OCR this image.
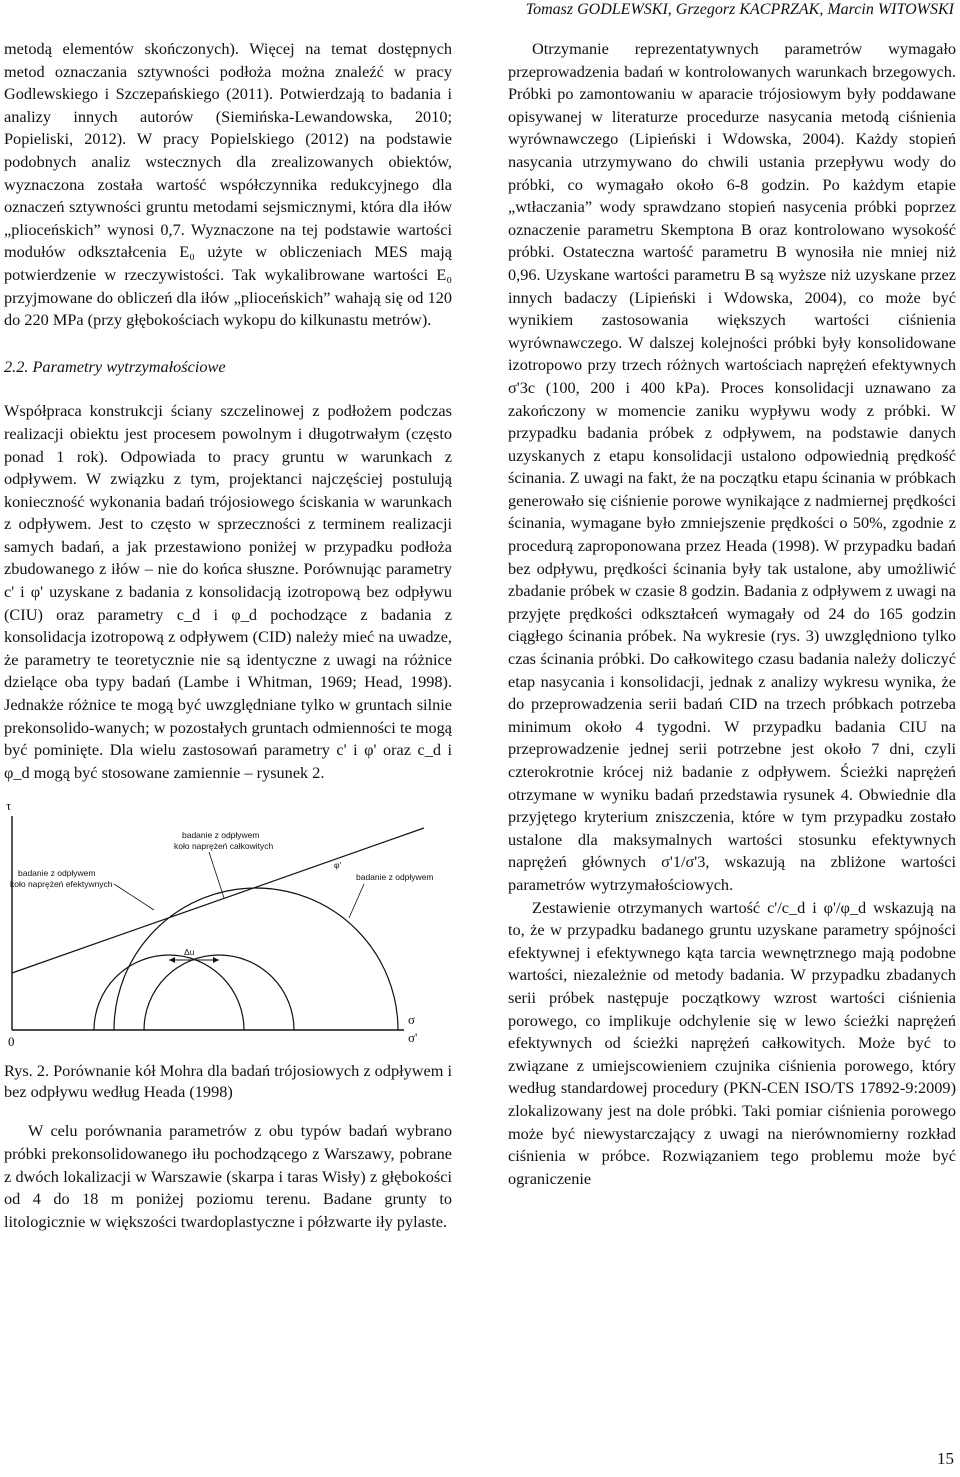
Tomasz GODLEWSKI, Grzegorz KACPRZAK, Marcin WITOWSKI

metodą elementów skończonych). Więcej na temat dostępnych metod oznaczania sztywności podłoża można znaleźć w pracy Godlewskiego i Szczepańskiego (2011). Potwierdzają to badania i analizy innych autorów (Siemińska-Lewandowska, 2010; Popieliski, 2012). W pracy Popielskiego (2012) na podstawie podobnych analiz wstecznych dla zrealizowanych obiektów, wyznaczona została wartość współczynnika redukcyjnego dla oznaczeń sztywności gruntu metodami sejsmicznymi, która dla iłów „plioceńskich” wynosi 0,7. Wyznaczone na tej podstawie wartości modułów odkształcenia E₀ użyte w obliczeniach MES mają potwierdzenie w rzeczywistości. Tak wykalibrowane wartości E₀ przyjmowane do obliczeń dla iłów „plioceńskich” wahają się od 120 do 220 MPa (przy głębokościach wykopu do kilkunastu metrów).

2.2. Parametry wytrzymałościowe

Współpraca konstrukcji ściany szczelinowej z podłożem podczas realizacji obiektu jest procesem powolnym i długotrwałym (często ponad 1 rok). Odpowiada to pracy gruntu w warunkach z odpływem. W związku z tym, projektanci najczęściej postulują konieczność wykonania badań trójosiowego ściskania w warunkach z odpływem. Jest to często w sprzeczności z terminem realizacji samych badań, a jak przestawiono poniżej w przypadku podłoża zbudowanego z iłów – nie do końca słuszne. Porównując parametry c' i φ' uzyskane z badania z konsolidacją izotropową bez odpływu (CIU) oraz parametry c_d i φ_d pochodzące z badania z konsolidacja izotropową z odpływem (CID) należy mieć na uwadze, że parametry te teoretycznie nie są identyczne z uwagi na różnice dzielące oba typy badań (Lambe i Whitman, 1969; Head, 1998). Jednakże różnice te mogą być uwzględniane tylko w gruntach silnie prekonsolido-wanych; w pozostałych gruntach odmienności te mogą być pominięte. Dla wielu zastosowań parametry c' i φ' oraz c_d i φ_d mogą być stosowane zamiennie – rysunek 2.

τ
0
σ
σ'
φ'
Δu
badanie z odpływem
koło naprężeń całkowitych
badanie z odpływem
koło naprężeń efektywnych
badanie z odpływem

Rys. 2. Porównanie kół Mohra dla badań trójosiowych z odpływem i bez odpływu według Heada (1998)

W celu porównania parametrów z obu typów badań wybrano próbki prekonsolidowanego iłu pochodzącego z Warszawy, pobrane z dwóch lokalizacji w Warszawie (skarpa i taras Wisły) z głębokości od 4 do 18 m poniżej poziomu terenu. Badane grunty to litologicznie w większości twardoplastyczne i półzwarte iły pylaste.

Otrzymanie reprezentatywnych parametrów wymagało przeprowadzenia badań w kontrolowanych warunkach brzegowych. Próbki po zamontowaniu w aparacie trójosiowym były poddawane opisywanej w literaturze procedurze nasycania metodą ciśnienia wyrównawczego (Lipieński i Wdowska, 2004). Każdy stopień nasycania utrzymywano do chwili ustania przepływu wody do próbki, co wymagało około 6-8 godzin. Po każdym etapie „wtłaczania” wody sprawdzano stopień nasycenia próbki poprzez oznaczenie parametru Skemptona B oraz kontrolowano wysokość próbki. Ostateczna wartość parametru B wynosiła nie mniej niż 0,96. Uzyskane wartości parametru B są wyższe niż uzyskane przez innych badaczy (Lipieński i Wdowska, 2004), co może być wynikiem zastosowania większych wartości ciśnienia wyrównawczego. W dalszej kolejności próbki były konsolidowane izotropowo przy trzech różnych wartościach naprężeń efektywnych σ'3c (100, 200 i 400 kPa). Proces konsolidacji uznawano za zakończony w momencie zaniku wypływu wody z próbki. W przypadku badania próbek z odpływem, na podstawie danych uzyskanych z etapu konsolidacji ustalono odpowiednią prędkość ścinania. Z uwagi na fakt, że na początku etapu ścinania w próbkach generowało się ciśnienie porowe wynikające z nadmiernej prędkości ścinania, wymagane było zmniejszenie prędkości o 50%, zgodnie z procedurą zaproponowana przez Heada (1998). W przypadku badań bez odpływu, prędkości ścinania były tak ustalone, aby umożliwić zbadanie próbek w czasie 8 godzin. Badania z odpływem z uwagi na przyjęte prędkości odkształceń wymagały od 24 do 165 godzin ciągłego ścinania próbek. Na wykresie (rys. 3) uwzględniono tylko czas ścinania próbki. Do całkowitego czasu badania należy doliczyć etap nasycania i konsolidacji, jednak z analizy wykresu wynika, że do przeprowadzenia serii badań CID na trzech próbkach potrzeba minimum około 4 tygodni. W przypadku badania CIU na przeprowadzenie jednej serii potrzebne jest około 7 dni, czyli czterokrotnie krócej niż badanie z odpływem. Ścieżki naprężeń otrzymane w wyniku badań przedstawia rysunek 4. Obwiednie dla przyjętego kryterium zniszczenia, które w tym przypadku zostało ustalone dla maksymalnych wartości stosunku efektywnych naprężeń głównych σ'1/σ'3, wskazują na zbliżone wartości parametrów wytrzymałościowych.

Zestawienie otrzymanych wartość c'/c_d i φ'/φ_d wskazują na to, że w przypadku badanego gruntu uzyskane parametry spójności efektywnej i efektywnego kąta tarcia wewnętrznego mają podobne wartości, niezależnie od metody badania. W przypadku zbadanych serii próbek następuje początkowy wzrost wartości ciśnienia porowego, co implikuje odchylenie się w lewo ścieżki naprężeń efektywnych od ścieżki naprężeń całkowitych. Może być to związane z umiejscowieniem czujnika ciśnienia porowego, który według standardowej procedury (PKN-CEN ISO/TS 17892-9:2009) zlokalizowany jest na dole próbki. Taki pomiar ciśnienia porowego może być niewystarczający z uwagi na nierównomierny rozkład ciśnienia w próbce. Rozwiązaniem tego problemu może być ograniczenie

15
